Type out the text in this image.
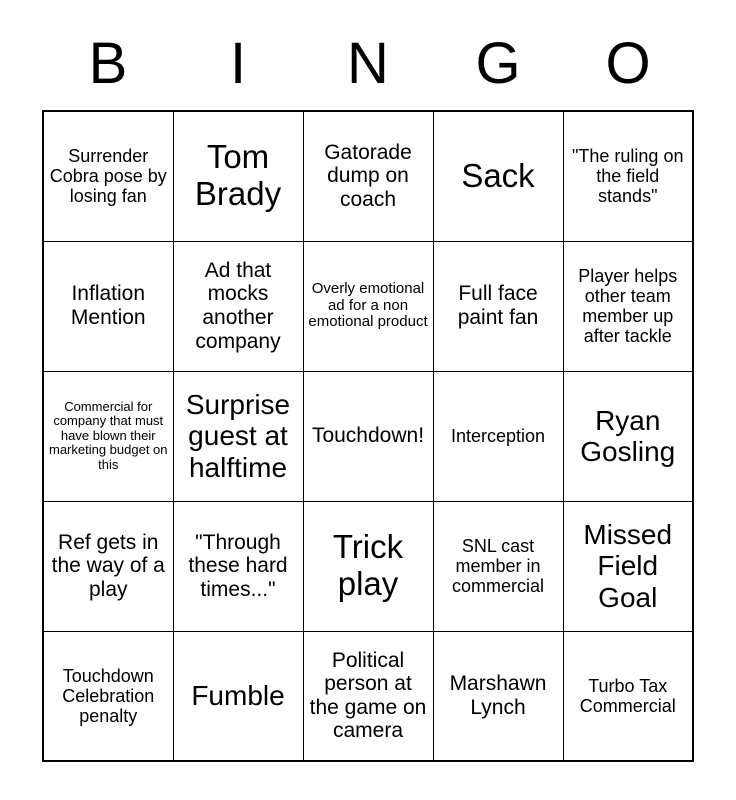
B	I	N	G	O
Surrender Cobra pose by losing fan	Tom Brady	Gatorade dump on coach	Sack	"The ruling on the field stands"
Inflation Mention	Ad that mocks another company	Overly emotional ad for a non emotional product	Full face paint fan	Player helps other team member up after tackle
Commercial for company that must have blown their marketing budget on this	Surprise guest at halftime	Touchdown!	Interception	Ryan Gosling
Ref gets in the way of a play	"Through these hard times..."	Trick play	SNL cast member in commercial	Missed Field Goal
Touchdown Celebration penalty	Fumble	Political person at the game on camera	Marshawn Lynch	Turbo Tax Commercial
